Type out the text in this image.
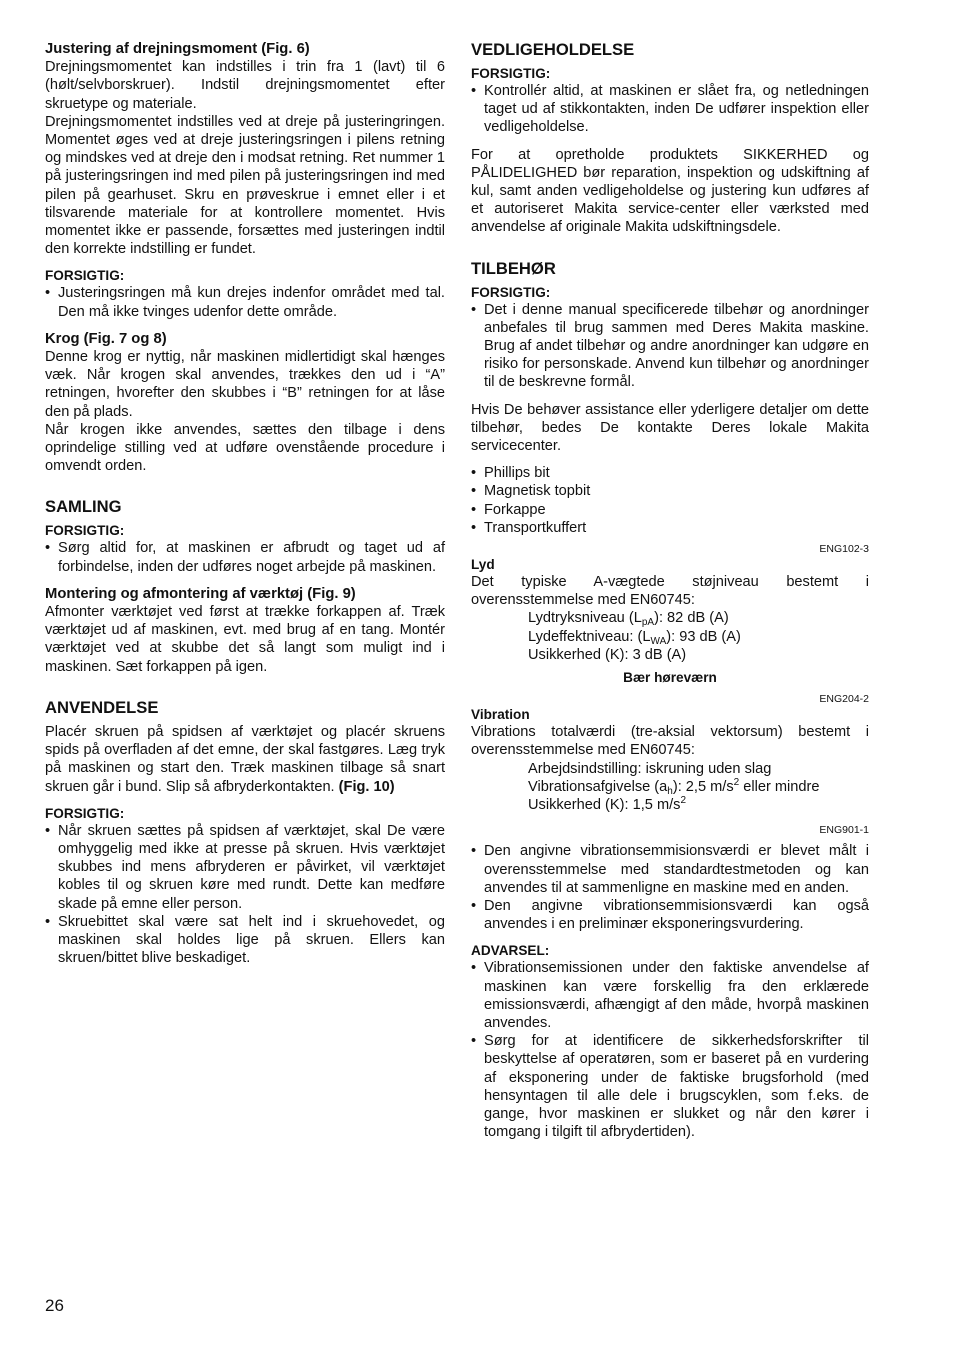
Justering af drejningsmoment (Fig. 6)

Drejningsmomentet kan indstilles i trin fra 1 (lavt) til 6 (hølt/selvborskruer). Indstil drejningsmomentet efter skruetype og materiale.

Drejningsmomentet indstilles ved at dreje på justeringringen. Momentet øges ved at dreje justeringsringen i pilens retning og mindskes ved at dreje den i modsat retning. Ret nummer 1 på justeringsringen ind med pilen på justeringsringen ind med pilen på gearhuset. Skru en prøveskrue i emnet eller i et tilsvarende materiale for at kontrollere momentet. Hvis momentet ikke er passende, forsættes med justeringen indtil den korrekte indstilling er fundet.

FORSIGTIG:

• Justeringsringen må kun drejes indenfor området med tal. Den må ikke tvinges udenfor dette område.

Krog (Fig. 7 og 8)

Denne krog er nyttig, når maskinen midlertidigt skal hænges væk. Når krogen skal anvendes, trækkes den ud i “A” retningen, hvorefter den skubbes i “B” retningen for at låse den på plads.

Når krogen ikke anvendes, sættes den tilbage i dens oprindelige stilling ved at udføre ovenstående procedure i omvendt orden.

SAMLING

FORSIGTIG:

• Sørg altid for, at maskinen er afbrudt og taget ud af forbindelse, inden der udføres noget arbejde på maskinen.

Montering og afmontering af værktøj (Fig. 9)

Afmonter værktøjet ved først at trække forkappen af. Træk værktøjet ud af maskinen, evt. med brug af en tang. Montér værktøjet ved at skubbe det så langt som muligt ind i maskinen. Sæt forkappen på igen.

ANVENDELSE

Placér skruen på spidsen af værktøjet og placér skruens spids på overfladen af det emne, der skal fastgøres. Læg tryk på maskinen og start den. Træk maskinen tilbage så snart skruen går i bund. Slip så afbryderkontakten. (Fig. 10)

FORSIGTIG:

• Når skruen sættes på spidsen af værktøjet, skal De være omhyggelig med ikke at presse på skruen. Hvis værktøjet skubbes ind mens afbryderen er påvirket, vil værktøjet kobles til og skruen køre med rundt. Dette kan medføre skade på emne eller person.
• Skruebittet skal være sat helt ind i skruehovedet, og maskinen skal holdes lige på skruen. Ellers kan skruen/bittet blive beskadiget.

VEDLIGEHOLDELSE

FORSIGTIG:

• Kontrollér altid, at maskinen er slået fra, og netledningen taget ud af stikkontakten, inden De udfører inspektion eller vedligeholdelse.

For at opretholde produktets SIKKERHED og PÅLIDELIGHED bør reparation, inspektion og udskiftning af kul, samt anden vedligeholdelse og justering kun udføres af et autoriseret Makita service-center eller værksted med anvendelse af originale Makita udskiftningsdele.

TILBEHØR

FORSIGTIG:

• Det i denne manual specificerede tilbehør og anordninger anbefales til brug sammen med Deres Makita maskine. Brug af andet tilbehør og andre anordninger kan udgøre en risiko for personskade. Anvend kun tilbehør og anordninger til de beskrevne formål.

Hvis De behøver assistance eller yderligere detaljer om dette tilbehør, bedes De kontakte Deres lokale Makita servicecenter.

• Phillips bit
• Magnetisk topbit
• Forkappe
• Transportkuffert

ENG102-3

Lyd

Det typiske A-vægtede støjniveau bestemt i overensstemmelse med EN60745:

Lydtryksniveau $(L_{pA})$: 82 dB (A)

Lydeffektniveau: $(L_{WA})$: 93 dB (A)

Usikkerhed (K): 3 dB (A)

Bær høreværn

ENG204-2

Vibration

Vibrations totalværdi (tre-aksial vektorsum) bestemt i overensstemmelse med EN60745:

Arbejdsindstilling: iskruning uden slag

Vibrationsafgivelse $(a_h)$: 2,5 $m/s^2$ eller mindre

Usikkerhed (K): 1,5 $m/s^2$

ENG901-1

• Den angivne vibrationsemmisionsværdi er blevet målt i overensstemmelse med standardtestmetoden og kan anvendes til at sammenligne en maskine med en anden.
• Den angivne vibrationsemmisionsværdi kan også anvendes i en preliminær eksponeringsvurdering.

ADVARSEL:

• Vibrationsemissionen under den faktiske anvendelse af maskinen kan være forskellig fra den erklærede emissionsværdi, afhængigt af den måde, hvorpå maskinen anvendes.
• Sørg for at identificere de sikkerhedsforskrifter til beskyttelse af operatøren, som er baseret på en vurdering af eksponering under de faktiske brugsforhold (med hensyntagen til alle dele i brugscyklen, som f.eks. de gange, hvor maskinen er slukket og når den kører i tomgang i tilgift til afbrydertiden).
26
